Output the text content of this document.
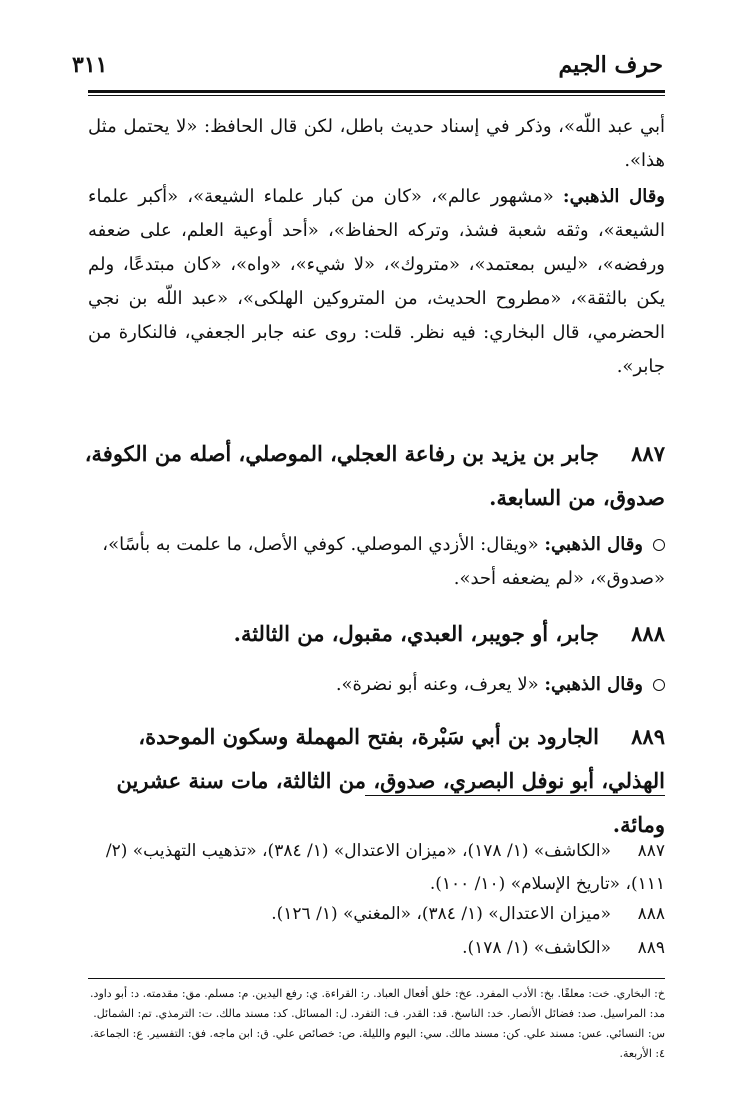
حرف الجيم
٣١١
أبي عبد اللّه»، وذكر في إسناد حديث باطل، لكن قال الحافظ: «لا يحتمل مثل هذا».
وقال الذهبي: «مشهور عالم»، «كان من كبار علماء الشيعة»، «أكبر علماء الشيعة»، وثقه شعبة فشذ، وتركه الحفاظ»، «أحد أوعية العلم، على ضعفه ورفضه»، «ليس بمعتمد»، «متروك»، «لا شيء»، «واه»، «كان مبتدعًا، ولم يكن بالثقة»، «مطروح الحديث، من المتروكين الهلكى»، «عبد اللّه بن نجي الحضرمي، قال البخاري: فيه نظر. قلت: روى عنه جابر الجعفي، فالنكارة من جابر».
٨٨٧جابر بن يزيد بن رفاعة العجلي، الموصلي، أصله من الكوفة، صدوق، من السابعة.
وقال الذهبي: «ويقال: الأزدي الموصلي. كوفي الأصل، ما علمت به بأسًا»، «صدوق»، «لم يضعفه أحد».
٨٨٨جابر، أو جويبر، العبدي، مقبول، من الثالثة.
وقال الذهبي: «لا يعرف، وعنه أبو نضرة».
٨٨٩الجارود بن أبي سَبْرة، بفتح المهملة وسكون الموحدة، الهذلي، أبو نوفل البصري، صدوق، من الثالثة، مات سنة عشرين ومائة.
٨٨٧«الكاشف» (١/ ١٧٨)، «ميزان الاعتدال» (١/ ٣٨٤)، «تذهيب التهذيب» (٢/ ١١١)، «تاريخ الإسلام» (١٠/ ١٠٠).
٨٨٨«ميزان الاعتدال» (١/ ٣٨٤)، «المغني» (١/ ١٢٦).
٨٨٩«الكاشف» (١/ ١٧٨).
خ: البخاري. خت: معلقًا. بخ: الأدب المفرد. عخ: خلق أفعال العباد. ر: القراءة. ي: رفع اليدين. م: مسلم. مق: مقدمته. د: أبو داود.
مد: المراسيل. صد: فضائل الأنصار. خد: الناسخ. قد: القدر. ف: التفرد. ل: المسائل. كد: مسند مالك. ت: الترمذي. تم: الشمائل.
س: النسائي. عس: مسند علي. كن: مسند مالك. سي: اليوم والليلة. ص: خصائص علي. ق: ابن ماجه. فق: التفسير. ع: الجماعة. ٤: الأربعة.
